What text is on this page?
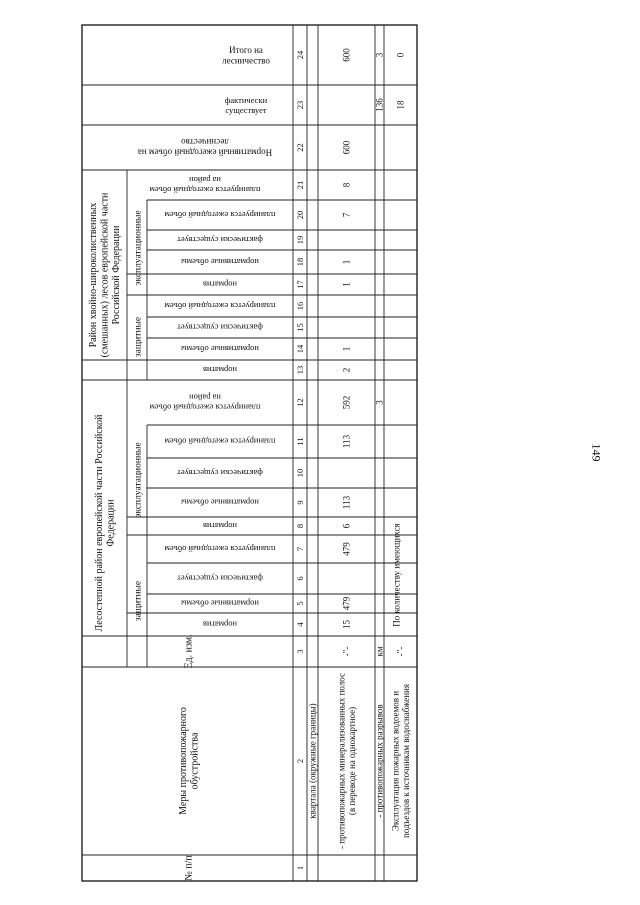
№ п/п
Меры противопожарного обустройства
Ед. изм.
Лесостепной район европейской части Российской Федерации
Район хвойно-широколиственных (смешанных) лесов европейской части Российской Федерации
защитные
эксплуатационные
защитные
эксплуатационные
норматив
нормативные объемы
фактически существует
планируется ежегодный объем
норматив
нормативные объемы
фактически существует
планируется ежегодный объем
норматив
нормативные объемы
фактически существует
планируется ежегодный объем
норматив
нормативные объемы
фактически существует
планируется ежегодный объем
планируется ежегодный объем
на район
планируется ежегодный объем
на район
Нормативный ежегодный объем на
лесничество
фактически
существует
Итого на
лесничество
1
2
3
4
5
6
7
8
9
10
11
12
13
14
15
16
17
18
19
20
21
22
23
24
квартала (окружные границы) - противопожарных минерализованных полос (в переводе на однокартное)
-"-
15
479
479
6
113
113
592
2
1
1
1
7
8
600
600
- противопожарных разрывов
км
3
136
3
Эксплуатация пожарных водоемов и подъездов к источникам водоснабжения
-"-
18
0
По количеству имеющихся
149
